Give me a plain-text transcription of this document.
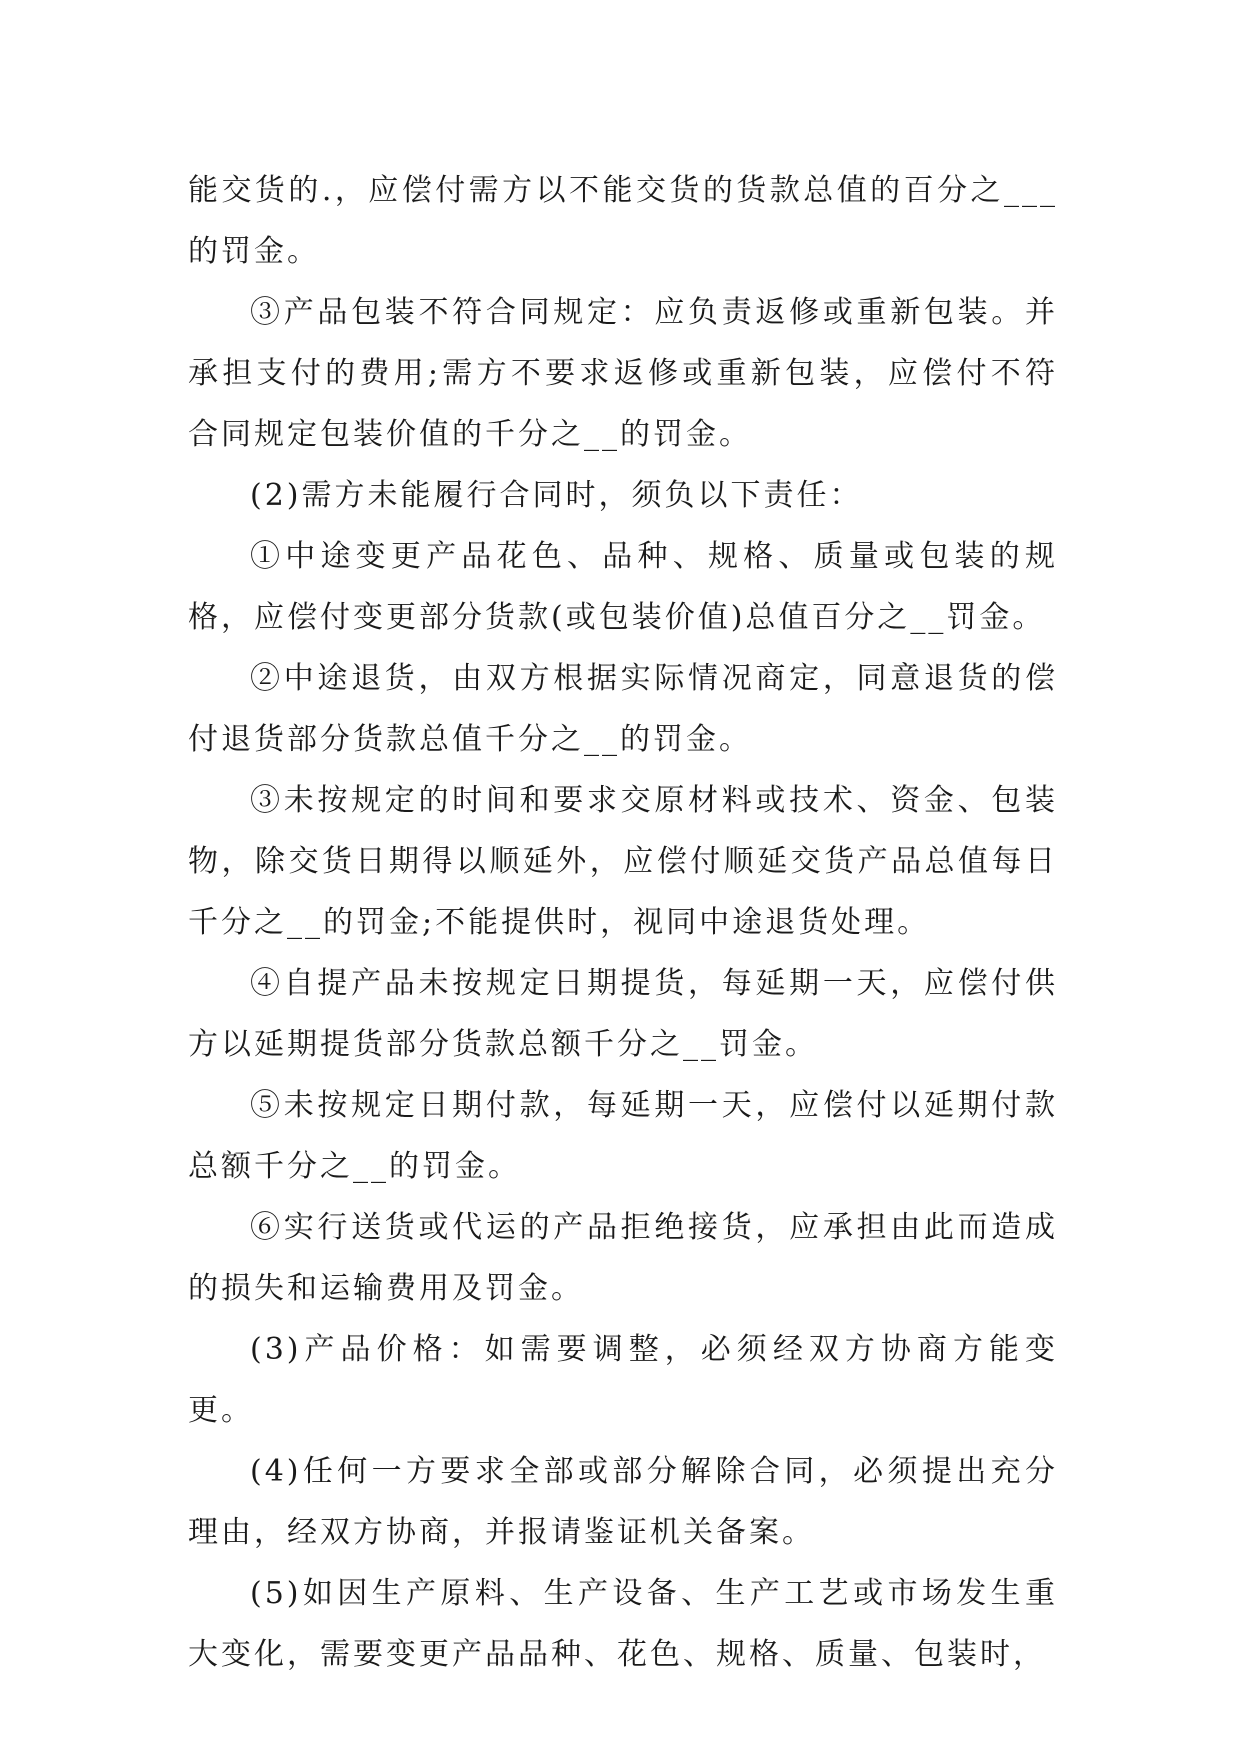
能交货的.，应偿付需方以不能交货的货款总值的百分之___的罚金。

③产品包装不符合同规定：应负责返修或重新包装。并承担支付的费用;需方不要求返修或重新包装，应偿付不符合同规定包装价值的千分之__的罚金。

(2)需方未能履行合同时，须负以下责任：

①中途变更产品花色、品种、规格、质量或包装的规格，应偿付变更部分货款(或包装价值)总值百分之__罚金。

②中途退货，由双方根据实际情况商定，同意退货的偿付退货部分货款总值千分之__的罚金。

③未按规定的时间和要求交原材料或技术、资金、包装物，除交货日期得以顺延外，应偿付顺延交货产品总值每日千分之__的罚金;不能提供时，视同中途退货处理。

④自提产品未按规定日期提货，每延期一天，应偿付供方以延期提货部分货款总额千分之__罚金。

⑤未按规定日期付款，每延期一天，应偿付以延期付款总额千分之__的罚金。

⑥实行送货或代运的产品拒绝接货，应承担由此而造成的损失和运输费用及罚金。

(3)产品价格：如需要调整，必须经双方协商方能变更。

(4)任何一方要求全部或部分解除合同，必须提出充分理由，经双方协商，并报请鉴证机关备案。

(5)如因生产原料、生产设备、生产工艺或市场发生重大变化，需要变更产品品种、花色、规格、质量、包装时，
